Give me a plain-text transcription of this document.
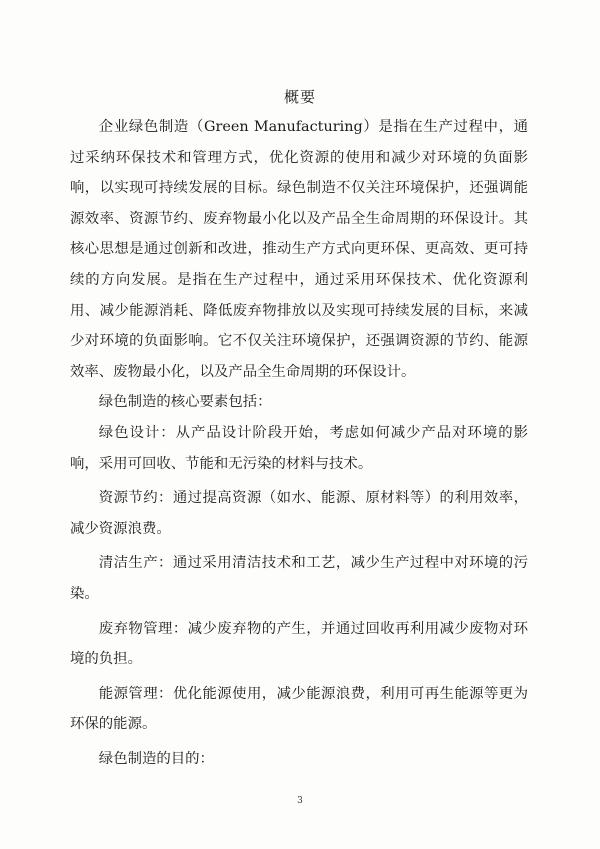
概要

企业绿色制造（Green Manufacturing）是指在生产过程中，通过采纳环保技术和管理方式，优化资源的使用和减少对环境的负面影响，以实现可持续发展的目标。绿色制造不仅关注环境保护，还强调能源效率、资源节约、废弃物最小化以及产品全生命周期的环保设计。其核心思想是通过创新和改进，推动生产方式向更环保、更高效、更可持续的方向发展。是指在生产过程中，通过采用环保技术、优化资源利用、减少能源消耗、降低废弃物排放以及实现可持续发展的目标，来减少对环境的负面影响。它不仅关注环境保护，还强调资源的节约、能源效率、废物最小化，以及产品全生命周期的环保设计。

绿色制造的核心要素包括：

绿色设计：从产品设计阶段开始，考虑如何减少产品对环境的影响，采用可回收、节能和无污染的材料与技术。

资源节约：通过提高资源（如水、能源、原材料等）的利用效率，减少资源浪费。

清洁生产：通过采用清洁技术和工艺，减少生产过程中对环境的污染。

废弃物管理：减少废弃物的产生，并通过回收再利用减少废物对环境的负担。

能源管理：优化能源使用，减少能源浪费，利用可再生能源等更为环保的能源。

绿色制造的目的：

3
